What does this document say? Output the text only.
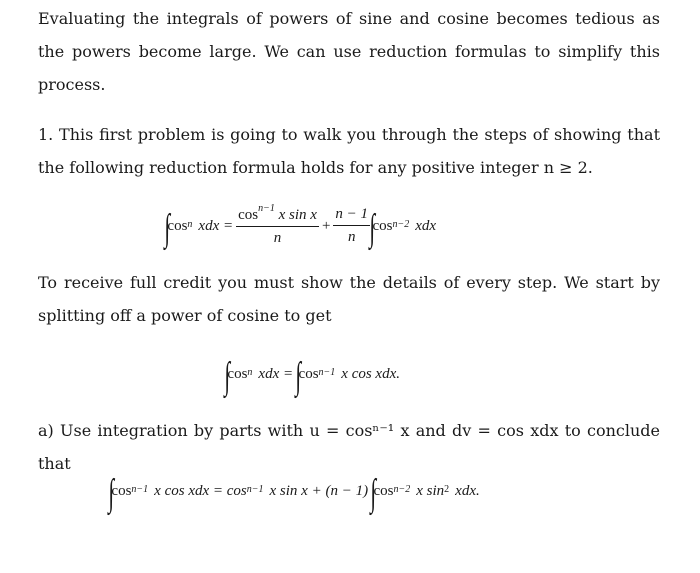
Evaluating the integrals of powers of sine and cosine becomes tedious as the powers become large. We can use reduction formulas to simplify this process.

1. This first problem is going to walk you through the steps of showing that the following reduction formula holds for any positive integer n ≥ 2.

∫
$\cos^n$ xdx = $\frac{\cos^{n-1} x \sin x}{n} + \frac{n - 1}{n}$ ∫
$\cos^{n-2}$ xdx

To receive full credit you must show the details of every step. We start by splitting off a power of cosine to get

∫
$\cos^n$ xdx = ∫
$\cos^{n-1} x$ cos xdx.

a) Use integration by parts with u = cosⁿ⁻¹ x and dv = cos xdx to conclude that

∫
$\cos^{n-1} x$ cos xdx = $\cos^{n-1} x$ sin x + (n − 1) ∫
$\cos^{n-2} x$ $\sin^2$ xdx.
